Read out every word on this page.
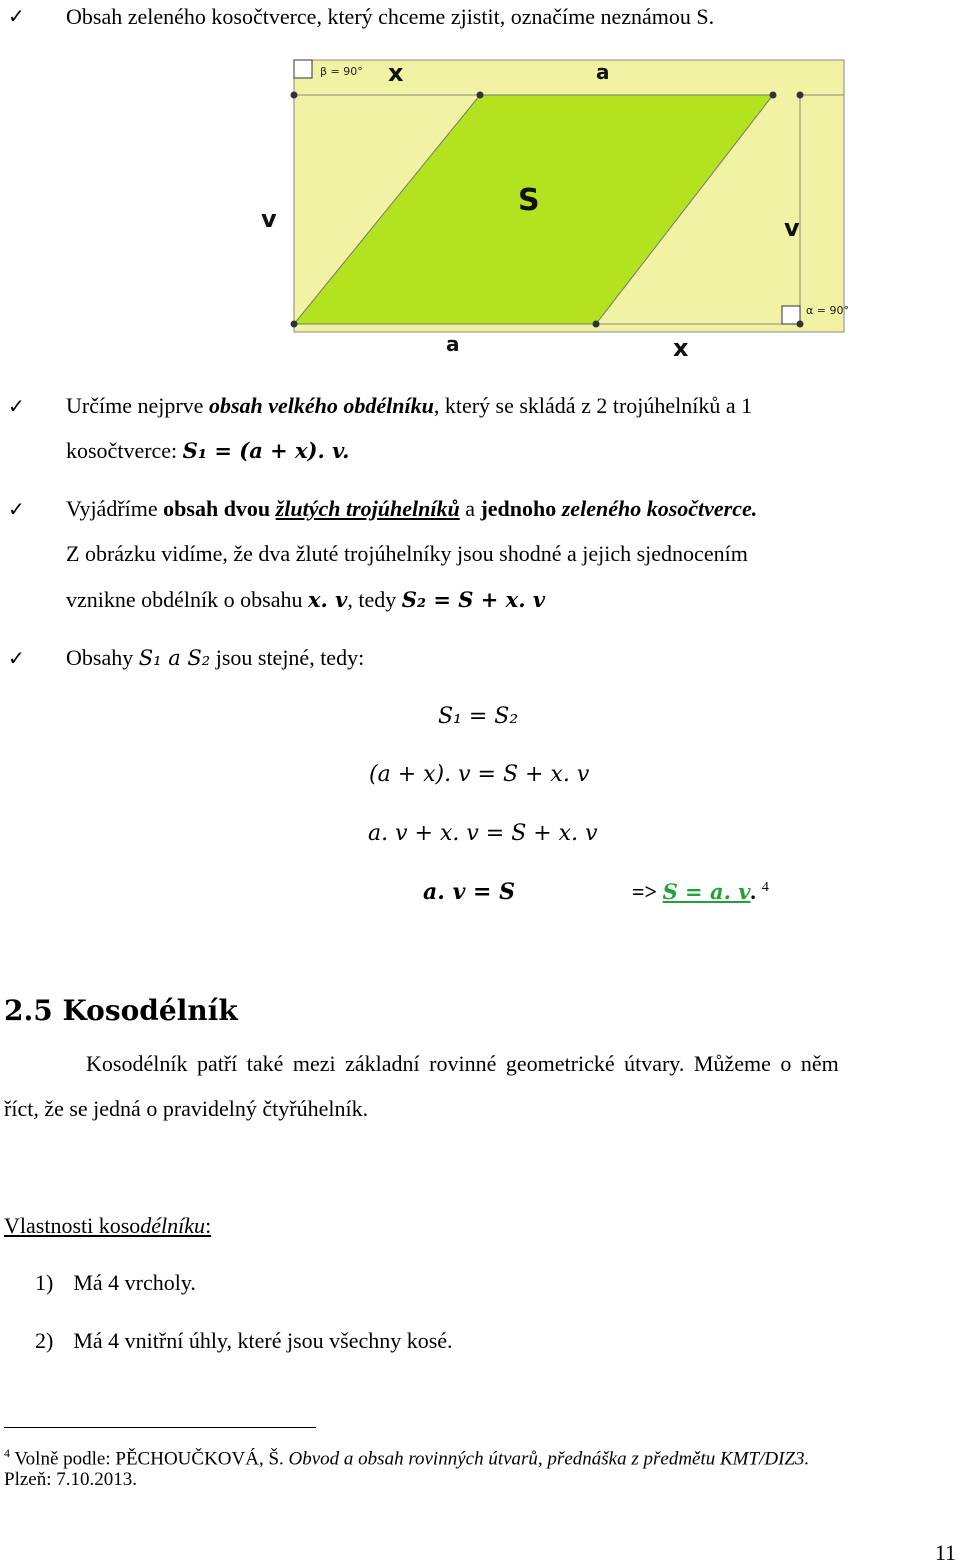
✓ Obsah zeleného kosočtverce, který chceme zjistit, označíme neznámou S.
β = 90° x	a
v
S
v
α = 90°
a	x
✓ Určíme nejprve obsah velkého obdélníku, který se skládá z 2 trojúhelníků a 1
kosočtverce: S₁ = (a + x). v.
✓ Vyjádříme obsah dvou žlutých trojúhelníků a jednoho zeleného kosočtverce.
Z obrázku vidíme, že dva žluté trojúhelníky jsou shodné a jejich sjednocením
vznikne obdélník o obsahu x. v, tedy S₂ = S + x. v
✓ Obsahy S₁ a S₂ jsou stejné, tedy:
S₁ = S₂
(a + x). v = S + x. v
a. v + x. v = S + x. v
a. v = S	=> S = a. v. $^4$
2.5 Kosodélník
Kosodélník patří také mezi základní rovinné geometrické útvary. Můžeme o něm
říct, že se jedná o pravidelný čtyřúhelník.
Vlastnosti kosodélníku:
1) Má 4 vrcholy.
2) Má 4 vnitřní úhly, které jsou všechny kosé.
$^4$ Volně podle: PĚCHOUČKOVÁ, Š. Obvod a obsah rovinných útvarů, přednáška z předmětu KMT/DIZ3.
Plzeň: 7.10.2013.
11
